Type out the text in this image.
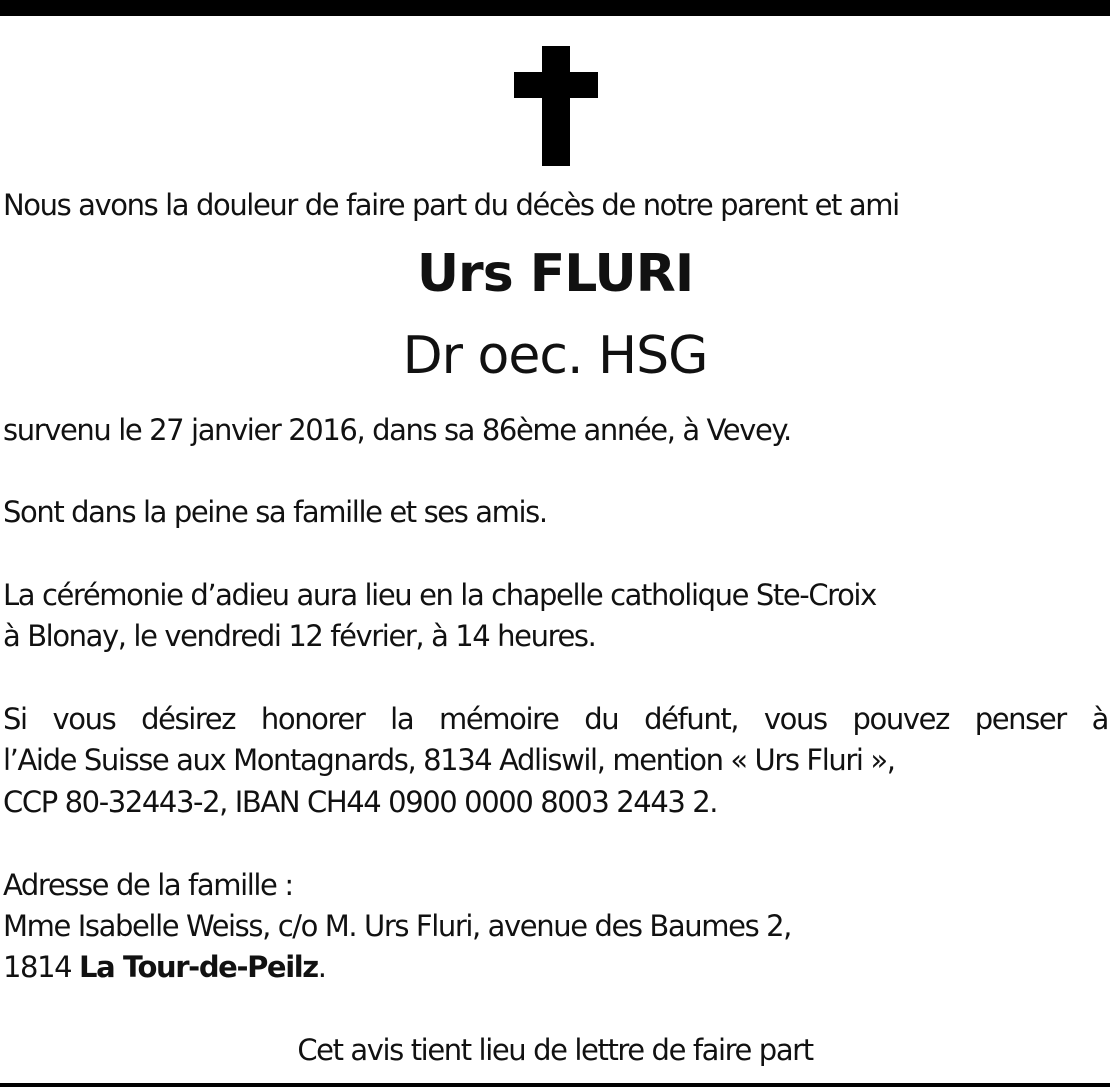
Nous avons la douleur de faire part du décès de notre parent et ami
Urs FLURI
Dr oec. HSG
survenu le 27 janvier 2016, dans sa 86ème année, à Vevey.
Sont dans la peine sa famille et ses amis.
La cérémonie d’adieu aura lieu en la chapelle catholique Ste-Croix
à Blonay, le vendredi 12 février, à 14 heures.
Si vous désirez honorer la mémoire du défunt, vous pouvez penser à
l’Aide Suisse aux Montagnards, 8134 Adliswil, mention « Urs Fluri »,
CCP 80-32443-2, IBAN CH44 0900 0000 8003 2443 2.
Adresse de la famille :
Mme Isabelle Weiss, c/o M. Urs Fluri, avenue des Baumes 2,
1814 La Tour-de-Peilz.
Cet avis tient lieu de lettre de faire part
